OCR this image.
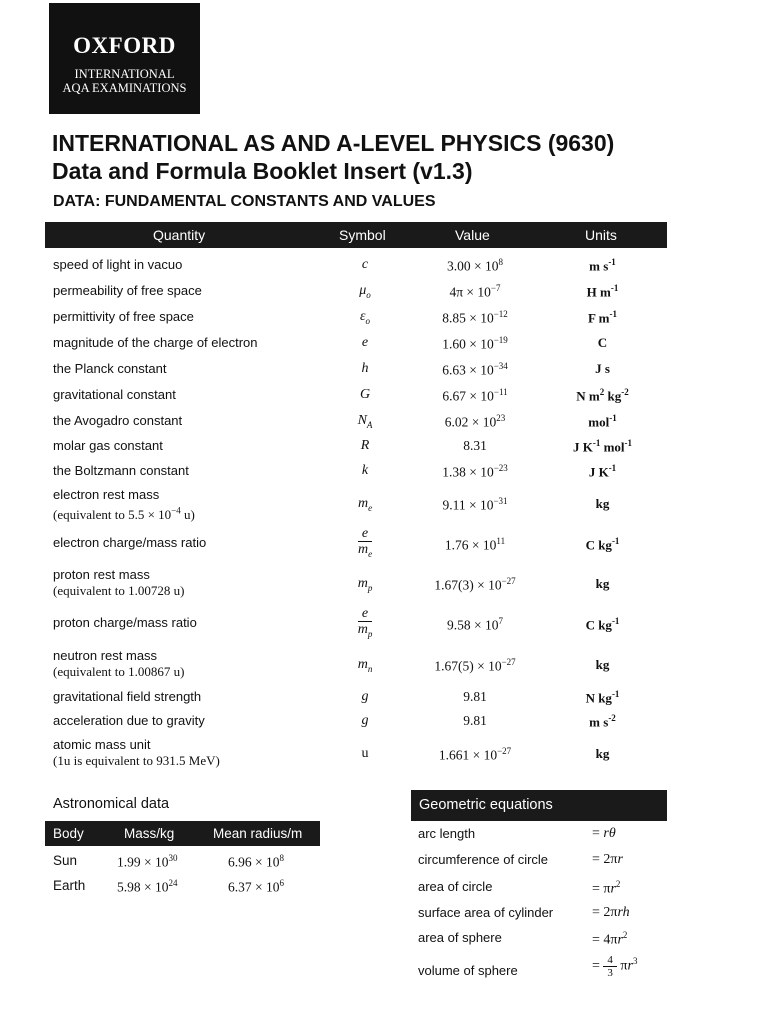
OXFORD
INTERNATIONAL
AQA EXAMINATIONS
INTERNATIONAL AS AND A-LEVEL PHYSICS (9630)
Data and Formula Booklet Insert (v1.3)
DATA: FUNDAMENTAL CONSTANTS AND VALUES
Quantity	Symbol	Value	Units
speed of light in vacuo	c	$3.00 \times 10^8$	m $s^{-1}$
permeability of free space	$\mu_o$	$4\pi \times 10^{-7}$	H $m^{-1}$
permittivity of free space	$\varepsilon_o$	$8.85 \times 10^{-12}$	F $m^{-1}$
magnitude of the charge of electron	e	$1.60 \times 10^{-19}$	C
the Planck constant	h	$6.63 \times 10^{-34}$	J s
gravitational constant	G	$6.67 \times 10^{-11}$	N $m^2$ $kg^{-2}$
the Avogadro constant	$N_A$	$6.02 \times 10^{23}$	mol$^{-1}$
molar gas constant	R	8.31	J $K^{-1}$ mol$^{-1}$
the Boltzmann constant	k	$1.38 \times 10^{-23}$	J $K^{-1}$
electron rest mass
(equivalent to $5.5 \times 10^{-4}$ u)
$m_e$	$9.11 \times 10^{-31}$	kg
electron charge/mass ratio	$\frac{e}{m_e}$	$1.76 \times 10^{11}$	C $kg^{-1}$
proton rest mass
(equivalent to 1.00728 u)	$m_p$	$1.67(3) \times 10^{-27}$	kg
proton charge/mass ratio	$\frac{e}{m_p}$	$9.58 \times 10^7$	C $kg^{-1}$
neutron rest mass
(equivalent to 1.00867 u)	$m_n$	$1.67(5) \times 10^{-27}$	kg
gravitational field strength	g	9.81	N $kg^{-1}$
acceleration due to gravity	g	9.81	m $s^{-2}$
atomic mass unit
(1u is equivalent to 931.5 MeV)	u	$1.661 \times 10^{-27}$	kg
Astronomical data
Body	Mass/kg	Mean radius/m
Sun	$1.99 \times 10^{30}$	$6.96 \times 10^8$
Earth $5.98 \times 10^{24}$	$6.37 \times 10^6$
Geometric equations
arc length	= rθ
circumference of circle	= 2πr
area of circle	= $\pi r^2$
surface area of cylinder	= 2πrh
area of sphere	= $4\pi r^2$
volume of sphere	= $\frac{4}{3} \pi r^3$
